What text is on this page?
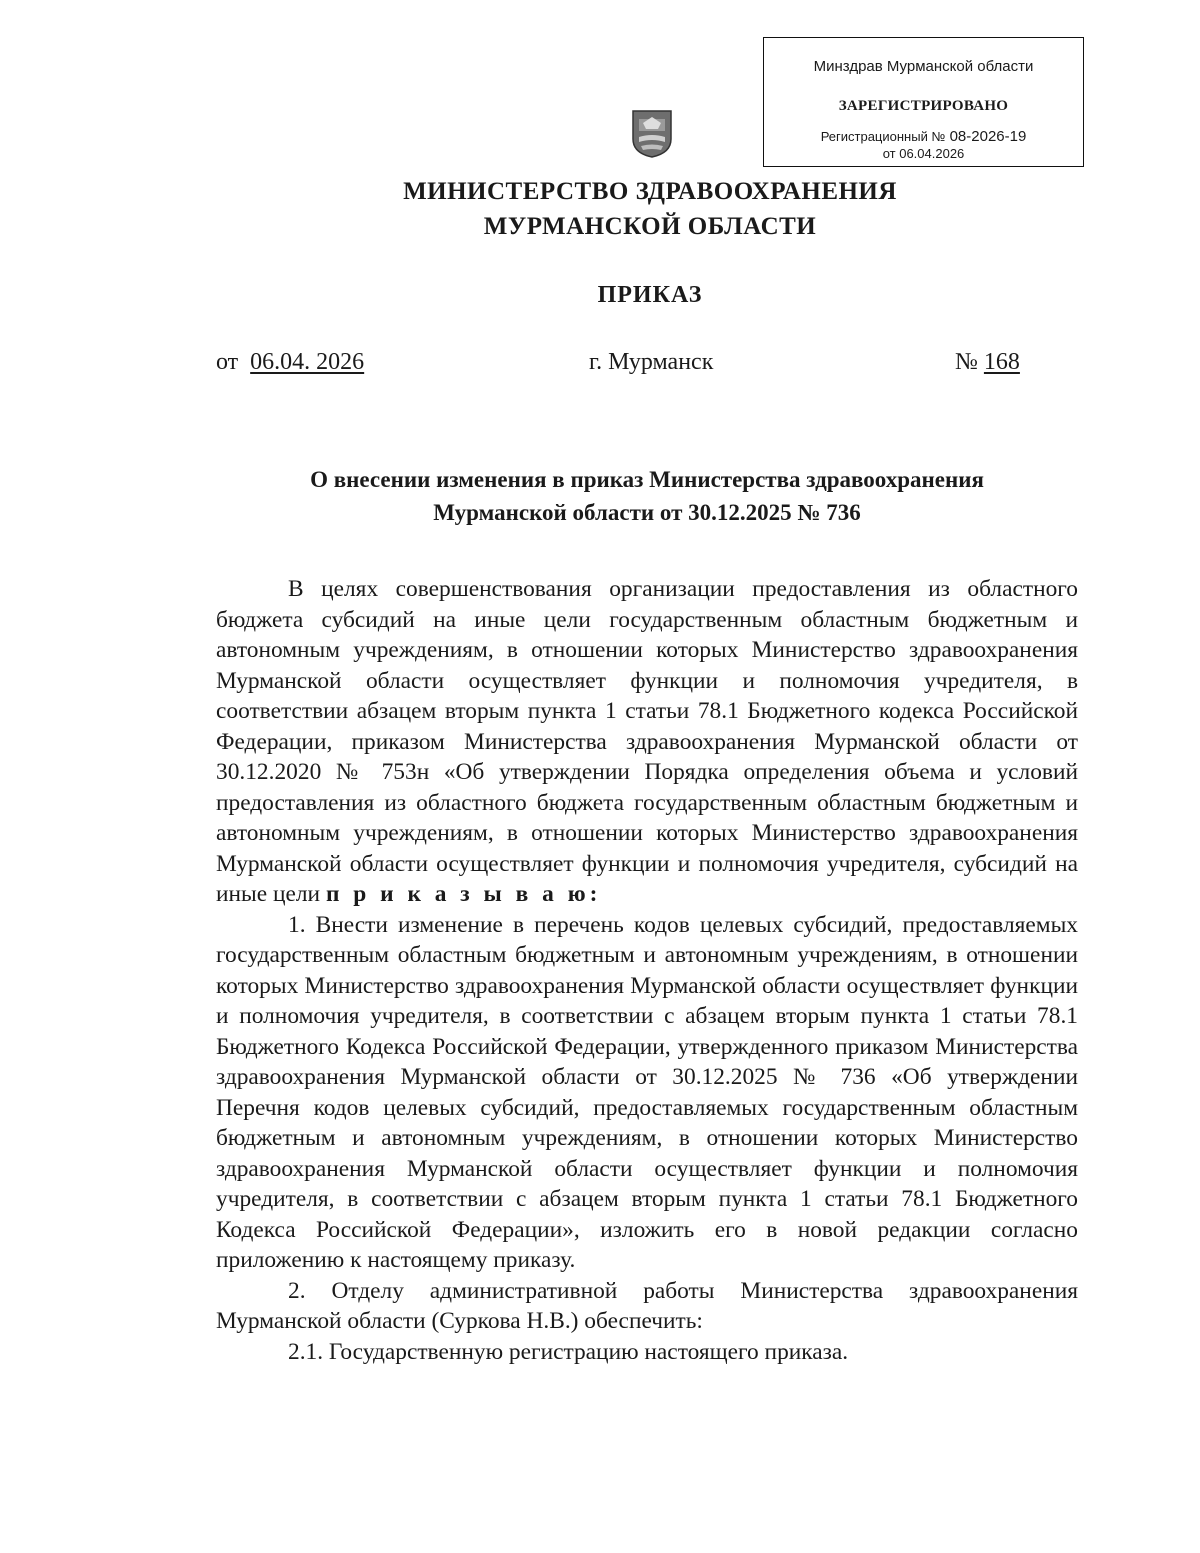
Минздрав Мурманской области
ЗАРЕГИСТРИРОВАНО
Регистрационный № 08-2026-19
от 06.04.2026
МИНИСТЕРСТВО ЗДРАВООХРАНЕНИЯ
МУРМАНСКОЙ ОБЛАСТИ
ПРИКАЗ
от 06.04. 2026	г. Мурманск	№ 168
О внесении изменения в приказ Министерства здравоохранения
Мурманской области от 30.12.2025 № 736

В целях совершенствования организации предоставления из областного бюджета субсидий на иные цели государственным областным бюджетным и автономным учреждениям, в отношении которых Министерство здравоохранения Мурманской области осуществляет функции и полномочия учредителя, в соответствии абзацем вторым пункта 1 статьи 78.1 Бюджетного кодекса Российской Федерации, приказом Министерства здравоохранения Мурманской области от 30.12.2020 № 753н «Об утверждении Порядка определения объема и условий предоставления из областного бюджета государственным областным бюджетным и автономным учреждениям, в отношении которых Министерство здравоохранения Мурманской области осуществляет функции и полномочия учредителя, субсидий на иные цели п р и к а з ы в а ю:

1. Внести изменение в перечень кодов целевых субсидий, предоставляемых государственным областным бюджетным и автономным учреждениям, в отношении которых Министерство здравоохранения Мурманской области осуществляет функции и полномочия учредителя, в соответствии с абзацем вторым пункта 1 статьи 78.1 Бюджетного Кодекса Российской Федерации, утвержденного приказом Министерства здравоохранения Мурманской области от 30.12.2025 № 736 «Об утверждении Перечня кодов целевых субсидий, предоставляемых государственным областным бюджетным и автономным учреждениям, в отношении которых Министерство здравоохранения Мурманской области осуществляет функции и полномочия учредителя, в соответствии с абзацем вторым пункта 1 статьи 78.1 Бюджетного Кодекса Российской Федерации», изложить его в новой редакции согласно приложению к настоящему приказу.

2. Отделу административной работы Министерства здравоохранения Мурманской области (Суркова Н.В.) обеспечить:

2.1. Государственную регистрацию настоящего приказа.
